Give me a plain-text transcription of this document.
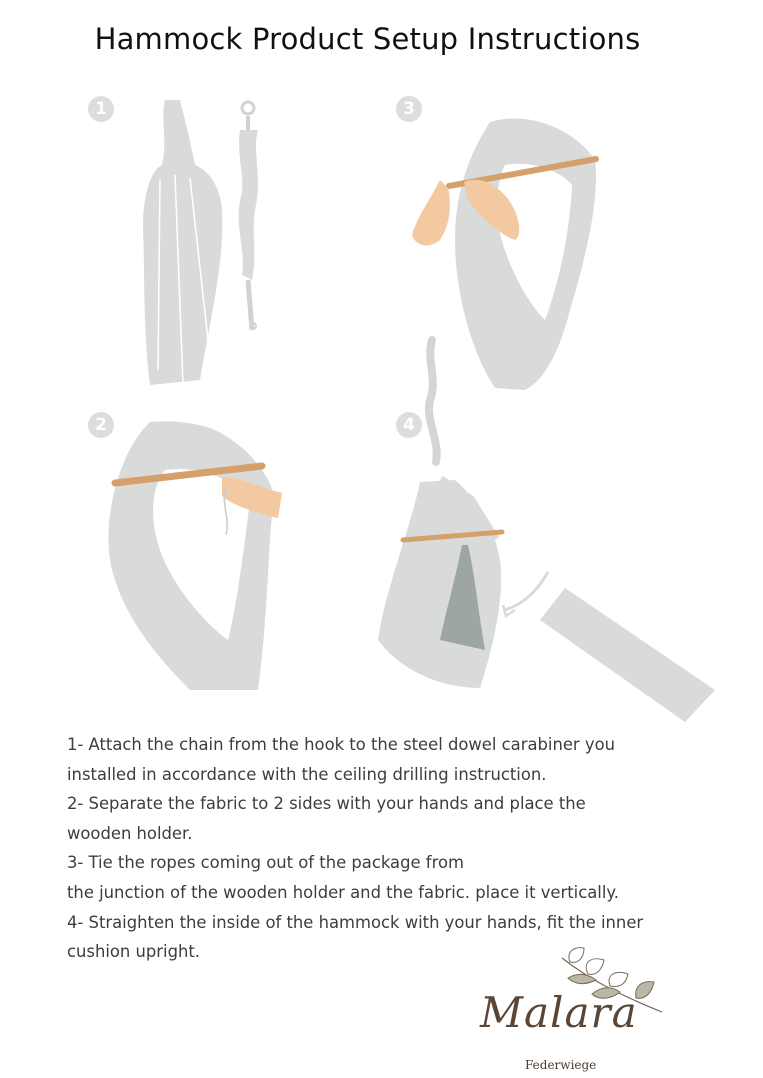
Hammock Product Setup Instructions
1
2
3
4
1- Attach the chain from the hook to the steel dowel carabiner you
installed in accordance with the ceiling drilling instruction.
2- Separate the fabric to 2 sides with your hands and place the
wooden holder.
3- Tie the ropes coming out of the package from
the junction of the wooden holder and the fabric. place it vertically.
4- Straighten the inside of the hammock with your hands, fit the inner
cushion upright.
Malara
Federwiege
